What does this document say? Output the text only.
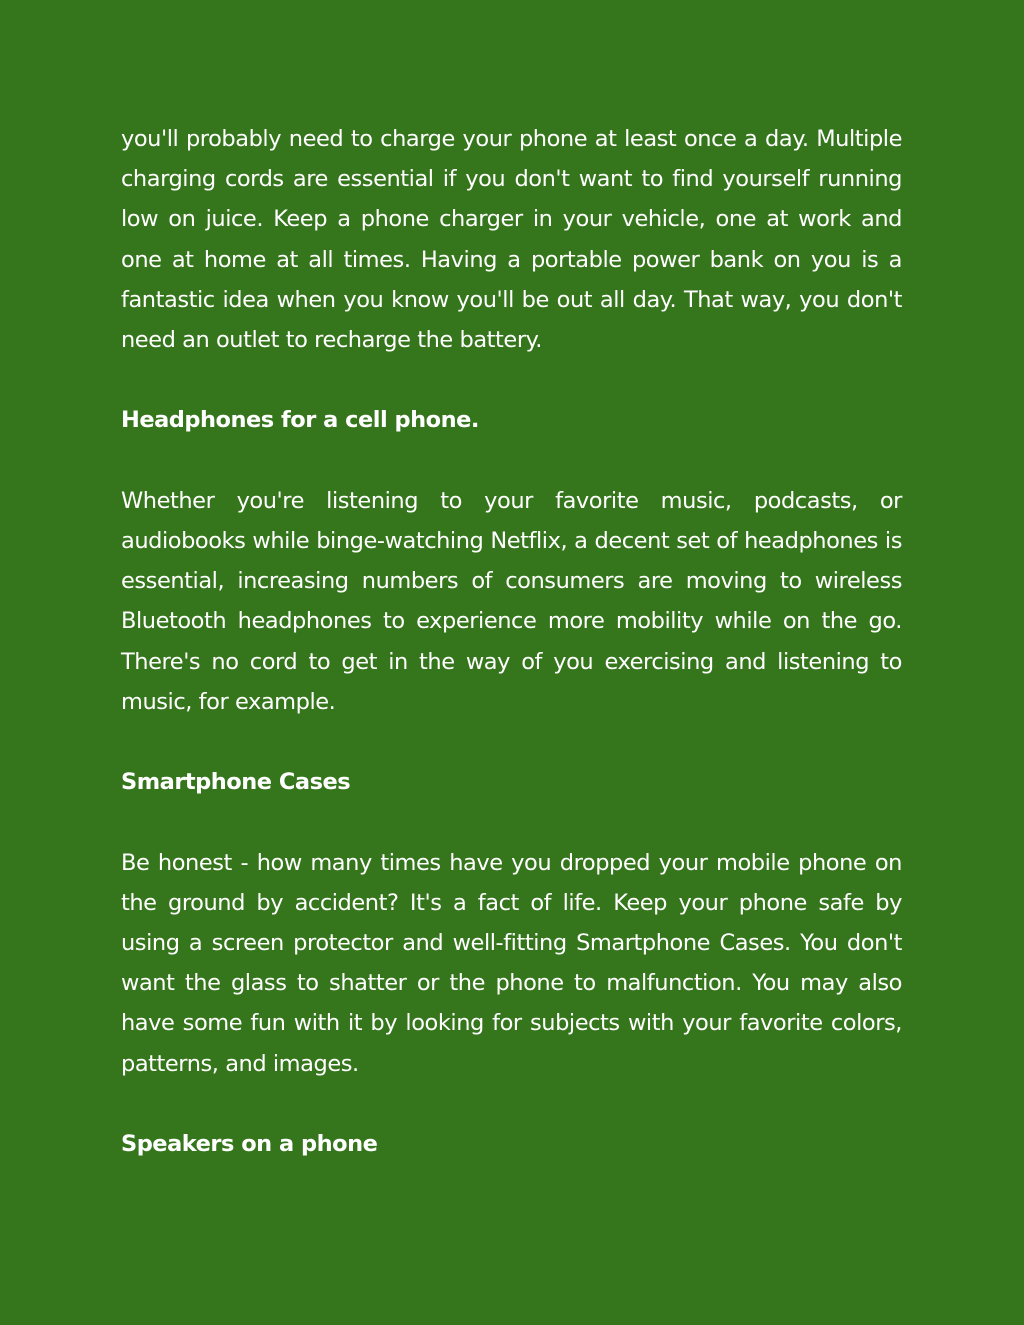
you'll probably need to charge your phone at least once a day. Multiple charging cords are essential if you don't want to find yourself running low on juice. Keep a phone charger in your vehicle, one at work and one at home at all times. Having a portable power bank on you is a fantastic idea when you know you'll be out all day. That way, you don't need an outlet to recharge the battery.

Headphones for a cell phone.

Whether you're listening to your favorite music, podcasts, or audiobooks while binge-watching Netflix, a decent set of headphones is essential, increasing numbers of consumers are moving to wireless Bluetooth headphones to experience more mobility while on the go. There's no cord to get in the way of you exercising and listening to music, for example.

Smartphone Cases

Be honest - how many times have you dropped your mobile phone on the ground by accident? It's a fact of life. Keep your phone safe by using a screen protector and well-fitting Smartphone Cases. You don't want the glass to shatter or the phone to malfunction. You may also have some fun with it by looking for subjects with your favorite colors, patterns, and images.

Speakers on a phone
